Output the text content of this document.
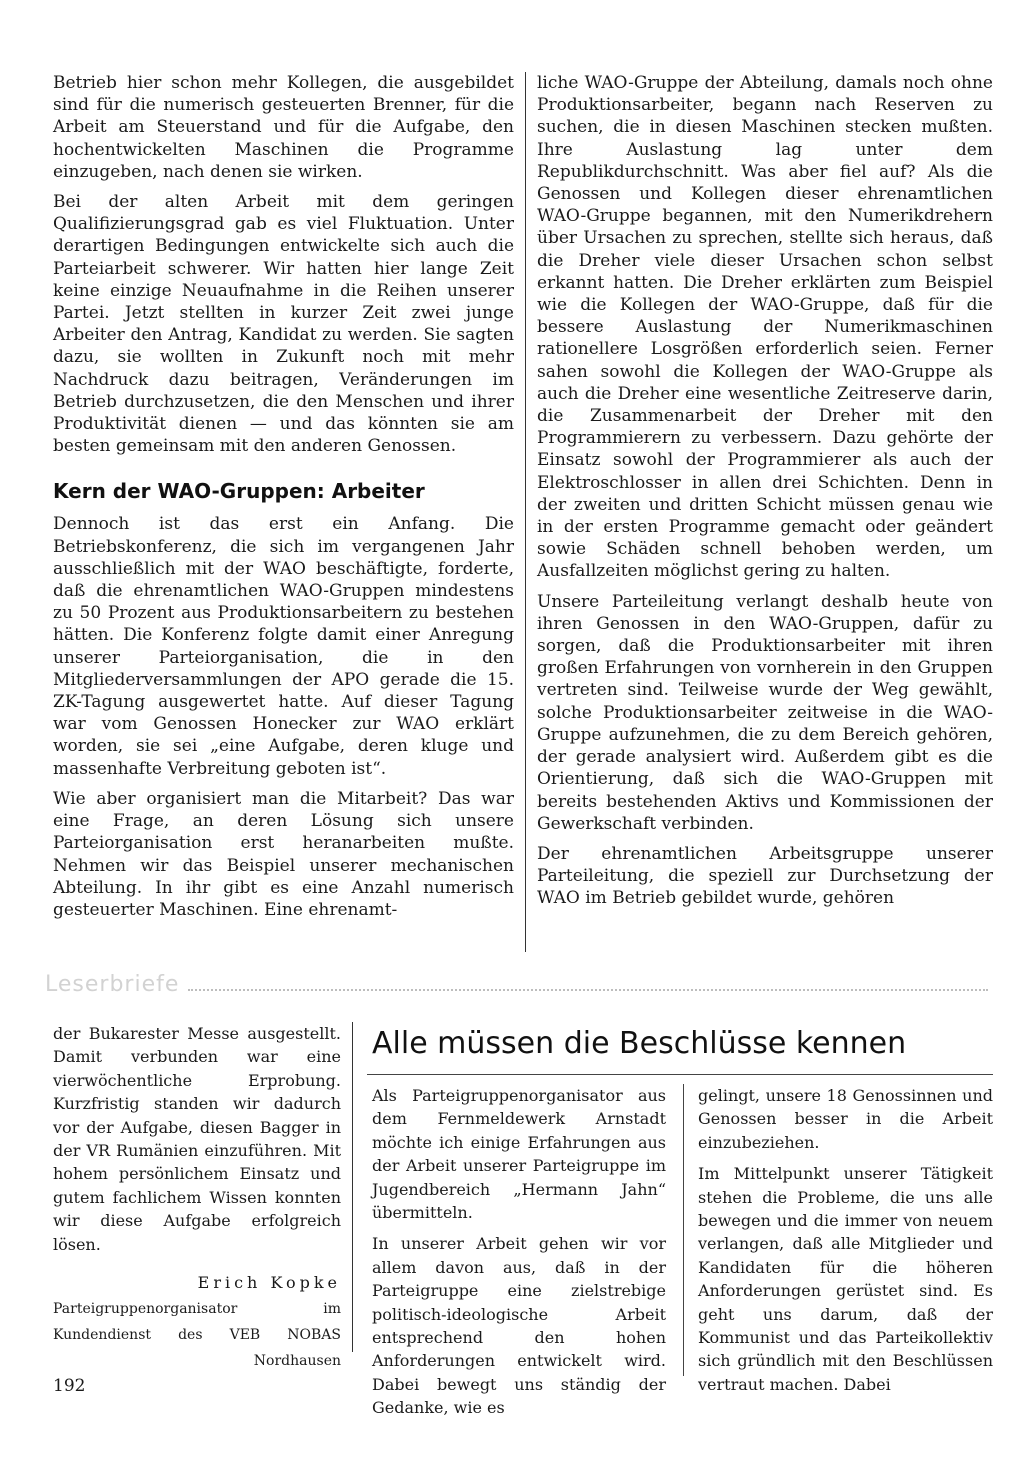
Betrieb hier schon mehr Kollegen, die ausgebildet sind für die numerisch gesteuerten Brenner, für die Arbeit am Steuerstand und für die Aufgabe, den hochentwickelten Maschinen die Programme einzugeben, nach denen sie wirken.

Bei der alten Arbeit mit dem geringen Qualifizierungsgrad gab es viel Fluktuation. Unter derartigen Bedingungen entwickelte sich auch die Parteiarbeit schwerer. Wir hatten hier lange Zeit keine einzige Neuaufnahme in die Reihen unserer Partei. Jetzt stellten in kurzer Zeit zwei junge Arbeiter den Antrag, Kandidat zu werden. Sie sagten dazu, sie wollten in Zukunft noch mit mehr Nachdruck dazu beitragen, Veränderungen im Betrieb durchzusetzen, die den Menschen und ihrer Produktivität dienen — und das könnten sie am besten gemeinsam mit den anderen Genossen.

Kern der WAO-Gruppen: Arbeiter

Dennoch ist das erst ein Anfang. Die Betriebskonferenz, die sich im vergangenen Jahr ausschließlich mit der WAO beschäftigte, forderte, daß die ehrenamtlichen WAO-Gruppen mindestens zu 50 Prozent aus Produktionsarbeitern zu bestehen hätten. Die Konferenz folgte damit einer Anregung unserer Parteiorganisation, die in den Mitgliederversammlungen der APO gerade die 15. ZK-Tagung ausgewertet hatte. Auf dieser Tagung war vom Genossen Honecker zur WAO erklärt worden, sie sei „eine Aufgabe, deren kluge und massenhafte Verbreitung geboten ist“.

Wie aber organisiert man die Mitarbeit? Das war eine Frage, an deren Lösung sich unsere Parteiorganisation erst heranarbeiten mußte. Nehmen wir das Beispiel unserer mechanischen Abteilung. In ihr gibt es eine Anzahl numerisch gesteuerter Maschinen. Eine ehrenamt-

liche WAO-Gruppe der Abteilung, damals noch ohne Produktionsarbeiter, begann nach Reserven zu suchen, die in diesen Maschinen stecken mußten. Ihre Auslastung lag unter dem Republikdurchschnitt. Was aber fiel auf? Als die Genossen und Kollegen dieser ehrenamtlichen WAO-Gruppe begannen, mit den Numerikdrehern über Ursachen zu sprechen, stellte sich heraus, daß die Dreher viele dieser Ursachen schon selbst erkannt hatten. Die Dreher erklärten zum Beispiel wie die Kollegen der WAO-Gruppe, daß für die bessere Auslastung der Numerikmaschinen rationellere Losgrößen erforderlich seien. Ferner sahen sowohl die Kollegen der WAO-Gruppe als auch die Dreher eine wesentliche Zeitreserve darin, die Zusammenarbeit der Dreher mit den Programmierern zu verbessern. Dazu gehörte der Einsatz sowohl der Programmierer als auch der Elektroschlosser in allen drei Schichten. Denn in der zweiten und dritten Schicht müssen genau wie in der ersten Programme gemacht oder geändert sowie Schäden schnell behoben werden, um Ausfallzeiten möglichst gering zu halten.

Unsere Parteileitung verlangt deshalb heute von ihren Genossen in den WAO-Gruppen, dafür zu sorgen, daß die Produktionsarbeiter mit ihren großen Erfahrungen von vornherein in den Gruppen vertreten sind. Teilweise wurde der Weg gewählt, solche Produktionsarbeiter zeitweise in die WAO-Gruppe aufzunehmen, die zu dem Bereich gehören, der gerade analysiert wird. Außerdem gibt es die Orientierung, daß sich die WAO-Gruppen mit bereits bestehenden Aktivs und Kommissionen der Gewerkschaft verbinden.

Der ehrenamtlichen Arbeitsgruppe unserer Parteileitung, die speziell zur Durchsetzung der WAO im Betrieb gebildet wurde, gehören

Leserbriefe

der Bukarester Messe ausgestellt. Damit verbunden war eine vierwöchentliche Erprobung. Kurzfristig standen wir dadurch vor der Aufgabe, diesen Bagger in der VR Rumänien einzuführen. Mit hohem persönlichem Einsatz und gutem fachlichem Wissen konnten wir diese Aufgabe erfolgreich lösen.

Erich Kopke
Parteigruppenorganisator im
Kundendienst des VEB NOBAS
Nordhausen
Alle müssen die Beschlüsse kennen

Als Parteigruppenorganisator aus dem Fernmeldewerk Arnstadt möchte ich einige Erfahrungen aus der Arbeit unserer Parteigruppe im Jugendbereich „Hermann Jahn“ übermitteln.

In unserer Arbeit gehen wir vor allem davon aus, daß in der Parteigruppe eine zielstrebige politisch-ideologische Arbeit entsprechend den hohen Anforderungen entwickelt wird. Dabei bewegt uns ständig der Gedanke, wie es

gelingt, unsere 18 Genossinnen und Genossen besser in die Arbeit einzubeziehen.

Im Mittelpunkt unserer Tätigkeit stehen die Probleme, die uns alle bewegen und die immer von neuem verlangen, daß alle Mitglieder und Kandidaten für die höheren Anforderungen gerüstet sind. Es geht uns darum, daß der Kommunist und das Parteikollektiv sich gründlich mit den Beschlüssen vertraut machen. Dabei

192
